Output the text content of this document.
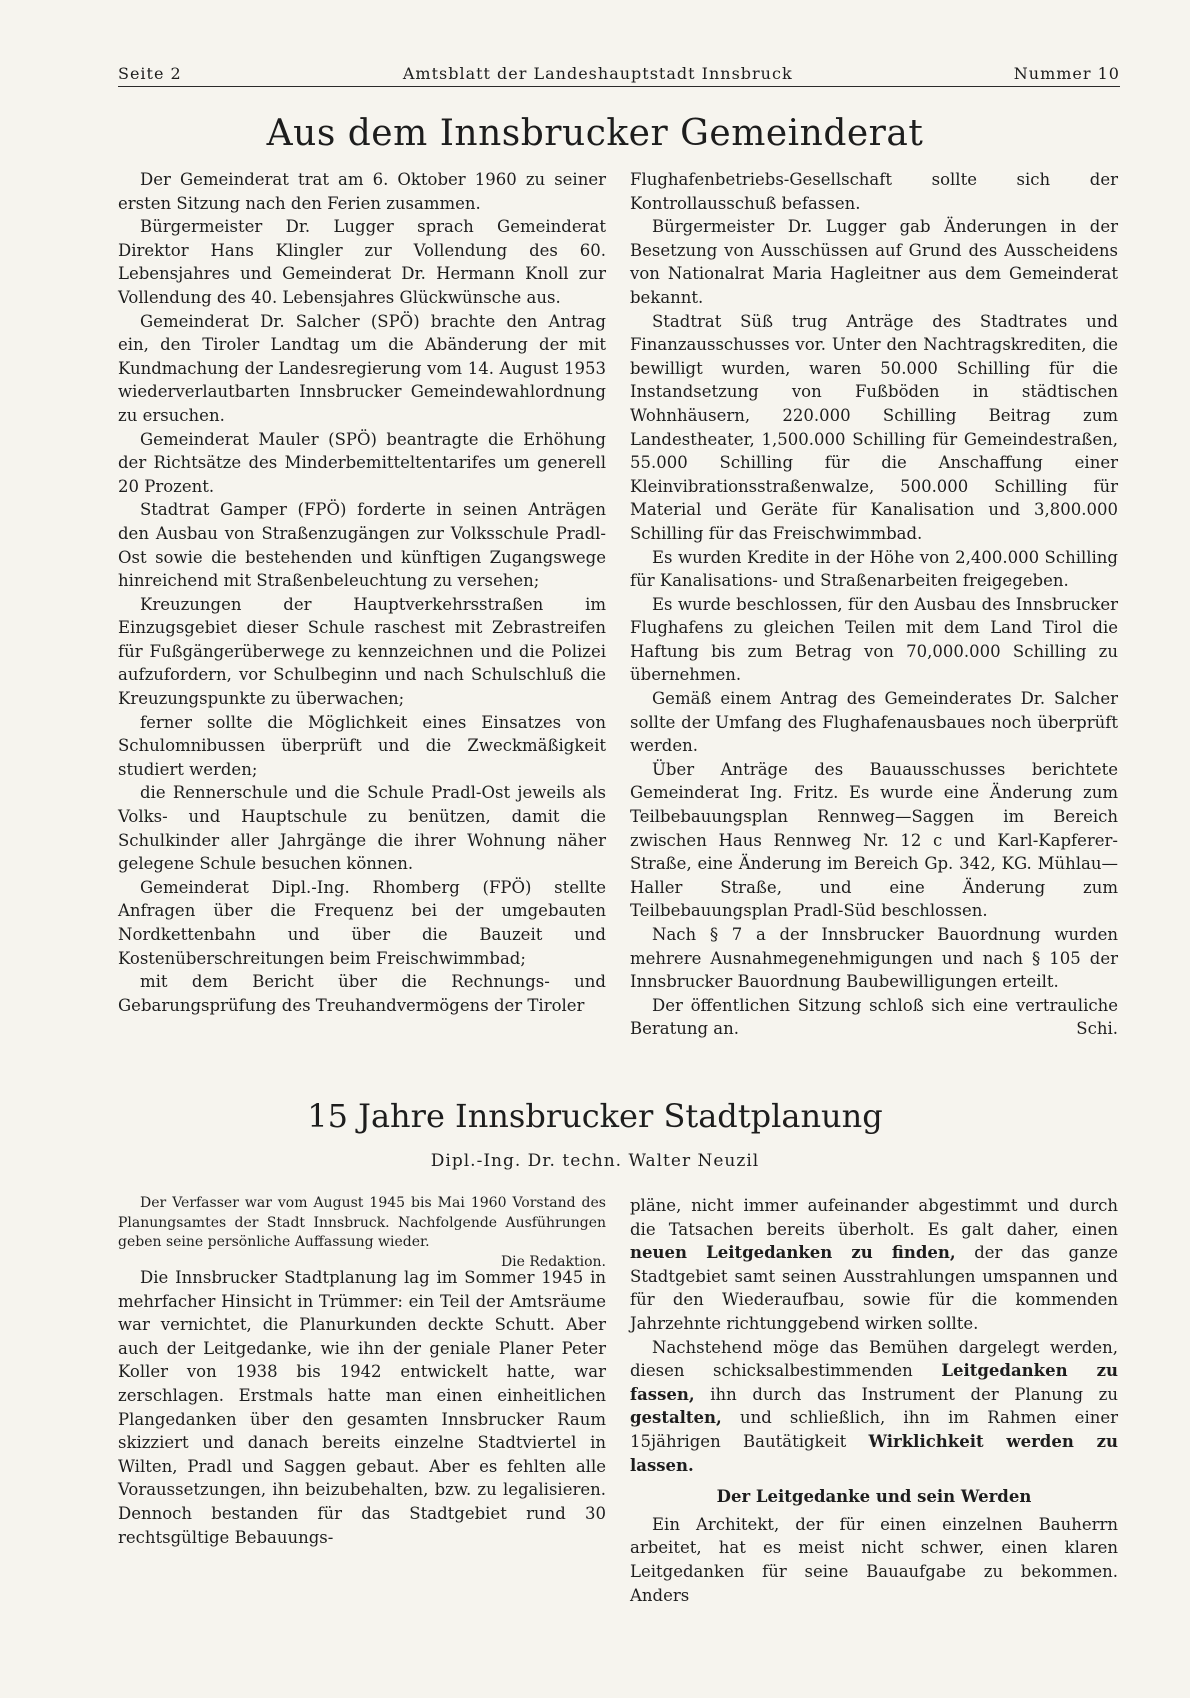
Seite 2	Amtsblatt der Landeshauptstadt Innsbruck	Nummer 10
Aus dem Innsbrucker Gemeinderat

Der Gemeinderat trat am 6. Oktober 1960 zu seiner ersten Sitzung nach den Ferien zusammen.

Bürgermeister Dr. Lugger sprach Gemeinderat Direktor Hans Klingler zur Vollendung des 60. Lebensjahres und Gemeinderat Dr. Hermann Knoll zur Vollendung des 40. Lebensjahres Glückwünsche aus.

Gemeinderat Dr. Salcher (SPÖ) brachte den Antrag ein, den Tiroler Landtag um die Abänderung der mit Kundmachung der Landesregierung vom 14. August 1953 wiederverlautbarten Innsbrucker Gemeindewahlordnung zu ersuchen.

Gemeinderat Mauler (SPÖ) beantragte die Erhöhung der Richtsätze des Minderbemitteltentarifes um generell 20 Prozent.

Stadtrat Gamper (FPÖ) forderte in seinen Anträgen den Ausbau von Straßenzugängen zur Volksschule Pradl-Ost sowie die bestehenden und künftigen Zugangswege hinreichend mit Straßenbeleuchtung zu versehen;

Kreuzungen der Hauptverkehrsstraßen im Einzugsgebiet dieser Schule raschest mit Zebrastreifen für Fußgängerüberwege zu kennzeichnen und die Polizei aufzufordern, vor Schulbeginn und nach Schulschluß die Kreuzungspunkte zu überwachen;

ferner sollte die Möglichkeit eines Einsatzes von Schulomnibussen überprüft und die Zweckmäßigkeit studiert werden;

die Rennerschule und die Schule Pradl-Ost jeweils als Volks- und Hauptschule zu benützen, damit die Schulkinder aller Jahrgänge die ihrer Wohnung näher gelegene Schule besuchen können.

Gemeinderat Dipl.-Ing. Rhomberg (FPÖ) stellte Anfragen über die Frequenz bei der umgebauten Nordkettenbahn und über die Bauzeit und Kostenüberschreitungen beim Freischwimmbad;

mit dem Bericht über die Rechnungs- und Gebarungsprüfung des Treuhandvermögens der Tiroler

Flughafenbetriebs-Gesellschaft sollte sich der Kontrollausschuß befassen.

Bürgermeister Dr. Lugger gab Änderungen in der Besetzung von Ausschüssen auf Grund des Ausscheidens von Nationalrat Maria Hagleitner aus dem Gemeinderat bekannt.

Stadtrat Süß trug Anträge des Stadtrates und Finanzausschusses vor. Unter den Nachtragskrediten, die bewilligt wurden, waren 50.000 Schilling für die Instandsetzung von Fußböden in städtischen Wohnhäusern, 220.000 Schilling Beitrag zum Landestheater, 1,500.000 Schilling für Gemeindestraßen, 55.000 Schilling für die Anschaffung einer Kleinvibrationsstraßenwalze, 500.000 Schilling für Material und Geräte für Kanalisation und 3,800.000 Schilling für das Freischwimmbad.

Es wurden Kredite in der Höhe von 2,400.000 Schilling für Kanalisations- und Straßenarbeiten freigegeben.

Es wurde beschlossen, für den Ausbau des Innsbrucker Flughafens zu gleichen Teilen mit dem Land Tirol die Haftung bis zum Betrag von 70,000.000 Schilling zu übernehmen.

Gemäß einem Antrag des Gemeinderates Dr. Salcher sollte der Umfang des Flughafenausbaues noch überprüft werden.

Über Anträge des Bauausschusses berichtete Gemeinderat Ing. Fritz. Es wurde eine Änderung zum Teilbebauungsplan Rennweg—Saggen im Bereich zwischen Haus Rennweg Nr. 12 c und Karl-Kapferer-Straße, eine Änderung im Bereich Gp. 342, KG. Mühlau—Haller Straße, und eine Änderung zum Teilbebauungsplan Pradl-Süd beschlossen.

Nach § 7 a der Innsbrucker Bauordnung wurden mehrere Ausnahmegenehmigungen und nach § 105 der Innsbrucker Bauordnung Baubewilligungen erteilt.

Der öffentlichen Sitzung schloß sich eine vertrauliche Beratung an.	Schi.

15 Jahre Innsbrucker Stadtplanung
Dipl.-Ing. Dr. techn. Walter Neuzil

Der Verfasser war vom August 1945 bis Mai 1960 Vorstand des Planungsamtes der Stadt Innsbruck. Nachfolgende Ausführungen geben seine persönliche Auffassung wieder.

Die Redaktion.

Die Innsbrucker Stadtplanung lag im Sommer 1945 in mehrfacher Hinsicht in Trümmer: ein Teil der Amtsräume war vernichtet, die Planurkunden deckte Schutt. Aber auch der Leitgedanke, wie ihn der geniale Planer Peter Koller von 1938 bis 1942 entwickelt hatte, war zerschlagen. Erstmals hatte man einen einheitlichen Plangedanken über den gesamten Innsbrucker Raum skizziert und danach bereits einzelne Stadtviertel in Wilten, Pradl und Saggen gebaut. Aber es fehlten alle Voraussetzungen, ihn beizubehalten, bzw. zu legalisieren. Dennoch bestanden für das Stadtgebiet rund 30 rechtsgültige Bebauungs-

pläne, nicht immer aufeinander abgestimmt und durch die Tatsachen bereits überholt. Es galt daher, einen neuen Leitgedanken zu finden, der das ganze Stadtgebiet samt seinen Ausstrahlungen umspannen und für den Wiederaufbau, sowie für die kommenden Jahrzehnte richtunggebend wirken sollte.

Nachstehend möge das Bemühen dargelegt werden, diesen schicksalbestimmenden Leitgedanken zu fassen, ihn durch das Instrument der Planung zu gestalten, und schließlich, ihn im Rahmen einer 15jährigen Bautätigkeit Wirklichkeit werden zu lassen.

Der Leitgedanke und sein Werden

Ein Architekt, der für einen einzelnen Bauherrn arbeitet, hat es meist nicht schwer, einen klaren Leitgedanken für seine Bauaufgabe zu bekommen. Anders
